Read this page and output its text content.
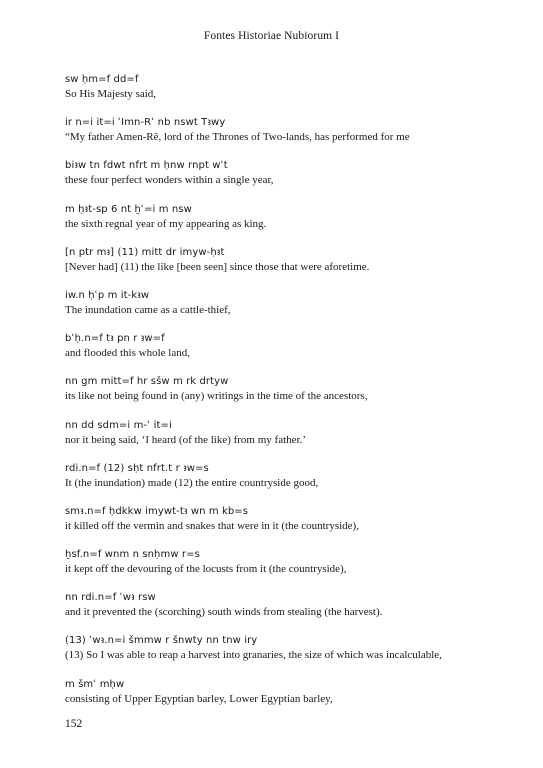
Fontes Historiae Nubiorum I
sw ḥm=f dd=f
So His Majesty said,
ir n=i it=i ʾImn-Rʿ nb nswt Tꜣwy
“My father Amen-Rê, lord of the Thrones of Two-lands, has performed for me
biꜣw tn fdwt nfrt m ḥnw rnpt wʿt
these four perfect wonders within a single year,
m ḥꜣt-sp 6 nt ḫʿ=i m nsw
the sixth regnal year of my appearing as king.
[n ptr mꜣ] (11) mitt dr imyw-ḥꜣt
[Never had] (11) the like [been seen] since those that were aforetime.
iw.n ḥʿp m it-kꜣw
The inundation came as a cattle-thief,
bʿḥ.n=f tꜣ pn r ꜣw=f
and flooded this whole land,
nn gm mitt=f hr sšw m rk drtyw
its like not being found in (any) writings in the time of the ancestors,
nn dd sdm=i m-ʿ it=i
nor it being said, ‘I heard (of the like) from my father.’
rdi.n=f (12) sḥt nfrt.t r ꜣw=s
It (the inundation) made (12) the entire countryside good,
smꜣ.n=f ḥdkkw imywt-tꜣ wn m kb=s
it killed off the vermin and snakes that were in it (the countryside),
ḫsf.n=f wnm n snḥmw r=s
it kept off the devouring of the locusts from it (the countryside),
nn rdi.n=f ʿwꜣ rsw
and it prevented the (scorching) south winds from stealing (the harvest).
(13) ʿwꜣ.n=i šmmw r šnwty nn tnw iry
(13) So I was able to reap a harvest into granaries, the size of which was incalculable,
m šmʿ mḥw
consisting of Upper Egyptian barley, Lower Egyptian barley,
152
